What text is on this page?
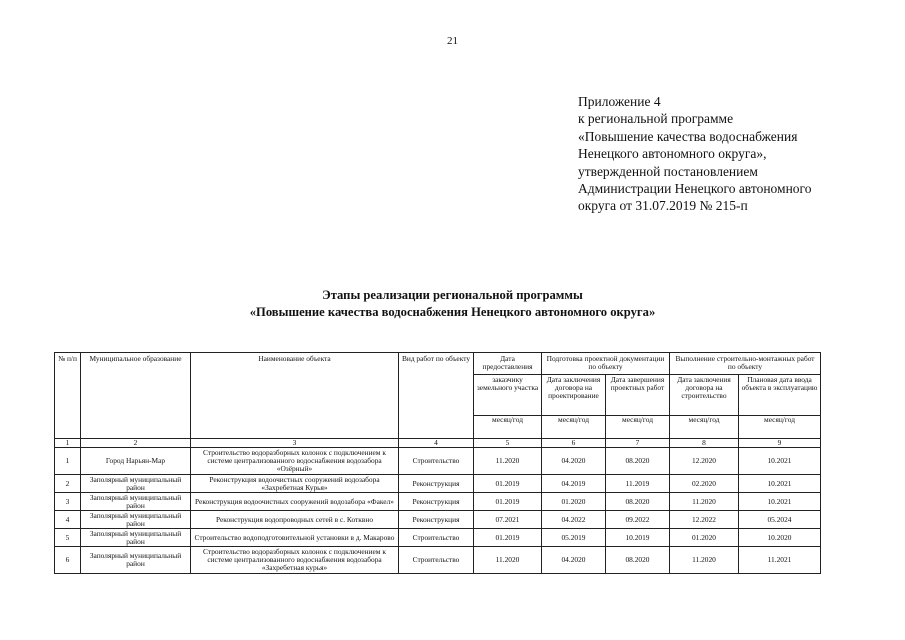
21
Приложение 4
к региональной программе
«Повышение качества водоснабжения
Ненецкого автономного округа»,
утвержденной постановлением
Администрации Ненецкого автономного
округа от 31.07.2019 № 215-п
Этапы реализации региональной программы
«Повышение качества водоснабжения Ненецкого автономного округа»
№ п/п	Муниципальное образование	Наименование объекта	Вид работ по объекту	Дата предоставления	Подготовка проектной документации по объекту		Выполнение строительно-монтажных работ по объекту	
				заказчику земельного участка	Дата заключения договора на проектирование	Дата завершения проектных работ	Дата заключения договора на строительство	Плановая дата ввода объекта в эксплуатацию
				месяц/год	месяц/год	месяц/год	месяц/год	месяц/год
1	2	3	4	5	6	7	8	9
1	Город Нарьян-Мар	Строительство водоразборных колонок с подключением к системе централизованного водоснабжения водозабора «Озёрный»	Строительство	11.2020	04.2020	08.2020	12.2020	10.2021
2	Заполярный муниципальный район	Реконструкция водоочистных сооружений водозабора «Захребетная Курья»	Реконструкция	01.2019	04.2019	11.2019	02.2020	10.2021
3	Заполярный муниципальный район	Реконструкция водоочистных сооружений водозабора «Факел»	Реконструкция	01.2019	01.2020	08.2020	11.2020	10.2021
4	Заполярный муниципальный район	Реконструкция водопроводных сетей в с. Котквно	Реконструкция	07.2021	04.2022	09.2022	12.2022	05.2024
5	Заполярный муниципальный район	Строительство водоподготовительной установки в д. Макарово	Строительство	01.2019	05.2019	10.2019	01.2020	10.2020
6	Заполярный муниципальный район	Строительство водоразборных колонок с подключением к системе централизованного водоснабжения водозабора «Захребетная курья»	Строительство	11.2020	04.2020	08.2020	11.2020	11.2021
